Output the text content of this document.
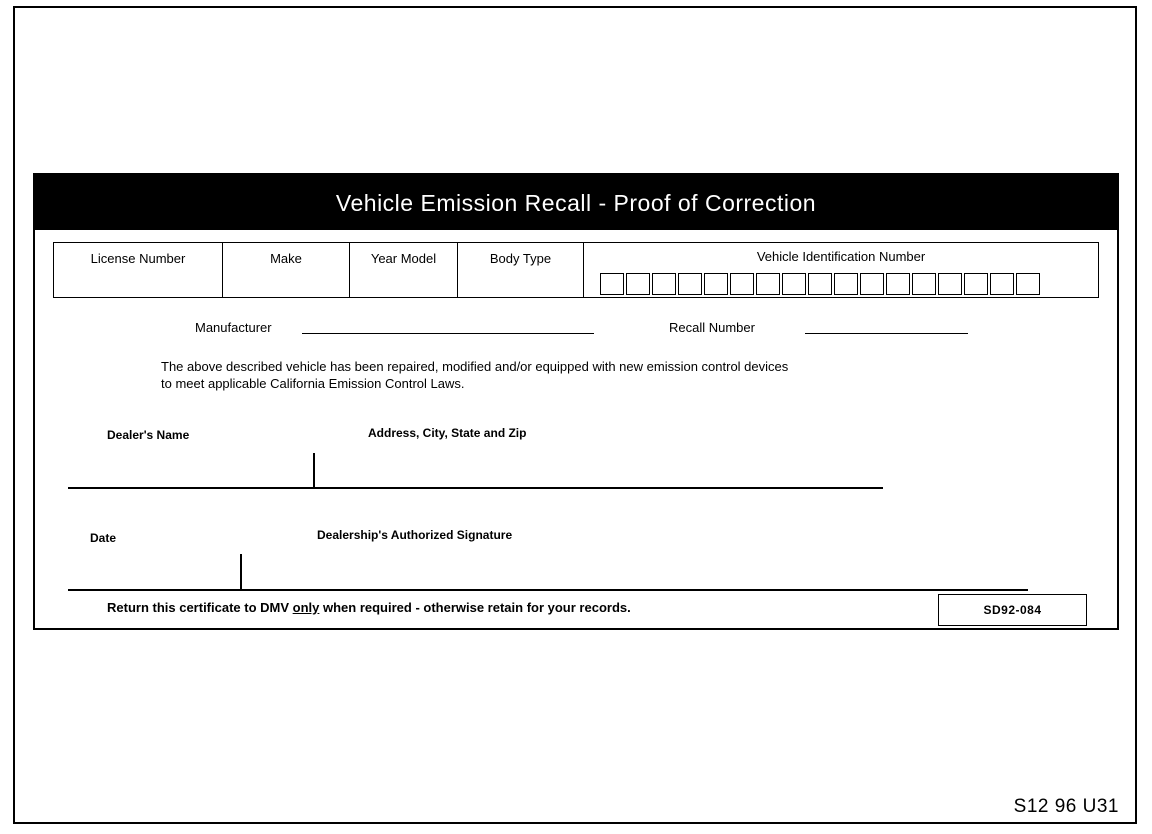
Vehicle Emission Recall - Proof of Correction
License Number	Make	Year Model	Body Type	Vehicle Identification Number
Manufacturer	Recall Number
The above described vehicle has been repaired, modified and/or equipped with new emission control devices
to meet applicable California Emission Control Laws.
Dealer's Name	Address, City, State and Zip
Date	Dealership's Authorized Signature
Return this certificate to DMV only when required - otherwise retain for your records.	SD92-084
S12 96 U31
